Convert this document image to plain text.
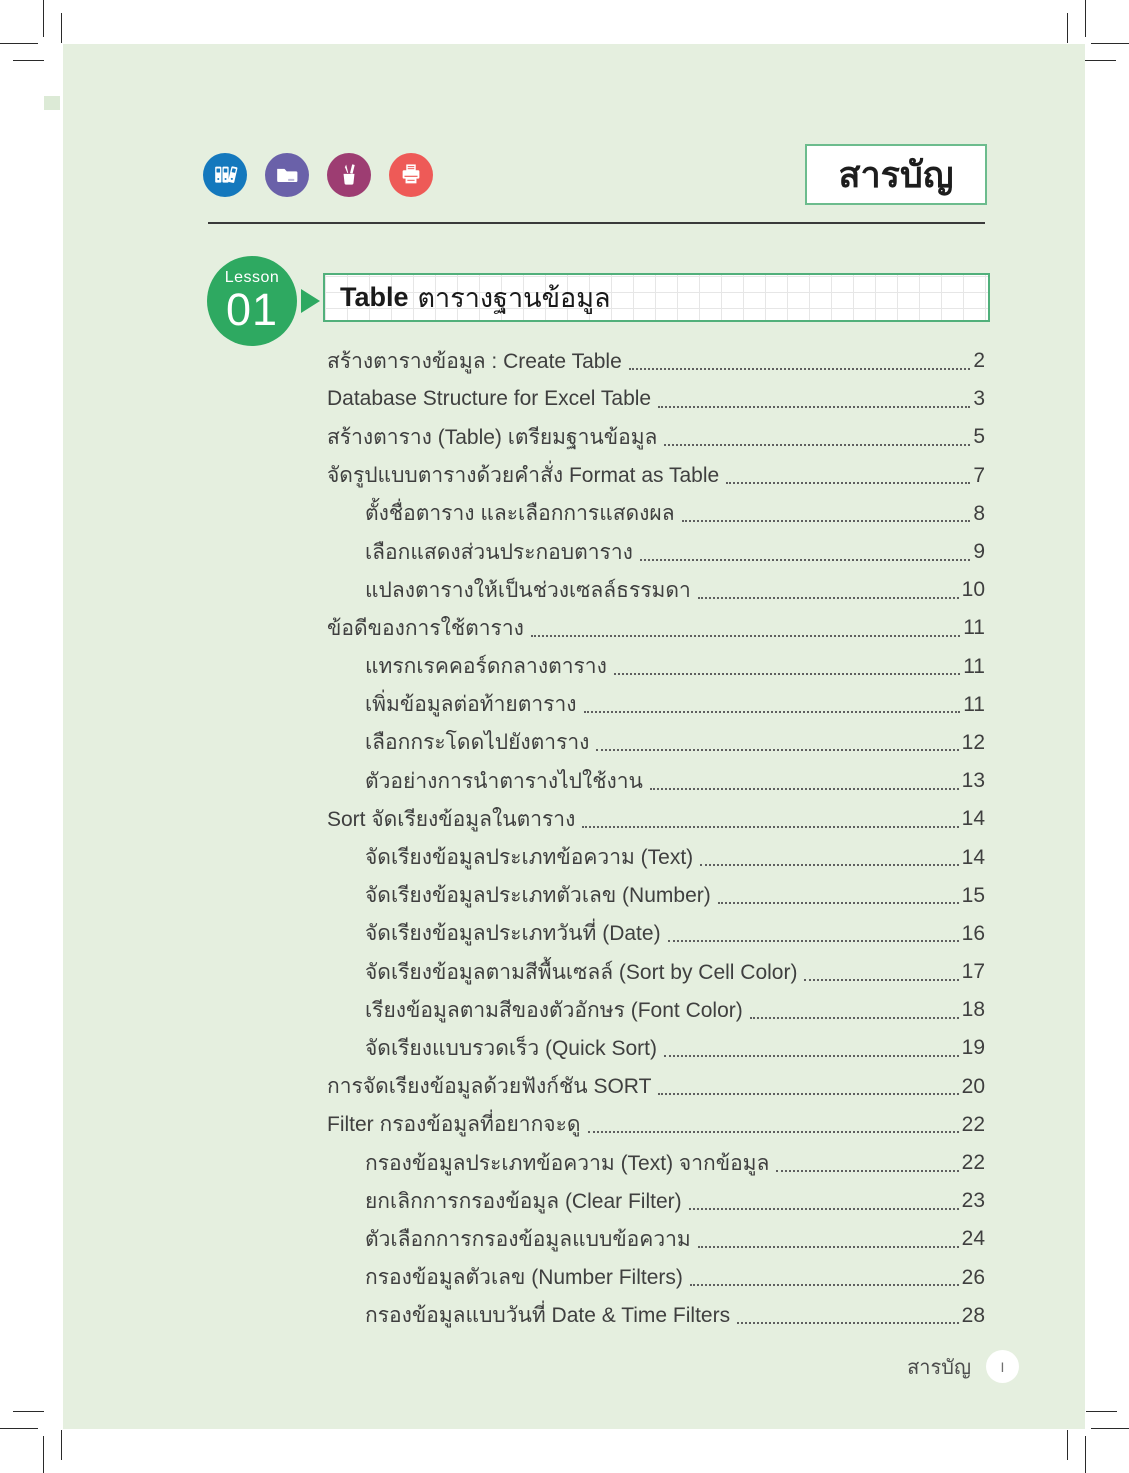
สารบัญ
Lesson
01	Table ตารางฐานข้อมูล
สร้างตารางข้อมูล : Create Table	2
Database Structure for Excel Table	3
สร้างตาราง (Table) เตรียมฐานข้อมูล	5
จัดรูปแบบตารางด้วยคำสั่ง Format as Table	7
ตั้งชื่อตาราง และเลือกการแสดงผล	8
เลือกแสดงส่วนประกอบตาราง	9
แปลงตารางให้เป็นช่วงเซลล์ธรรมดา	10
ข้อดีของการใช้ตาราง	11
แทรกเรคคอร์ดกลางตาราง	11
เพิ่มข้อมูลต่อท้ายตาราง	11
เลือกกระโดดไปยังตาราง	12
ตัวอย่างการนำตารางไปใช้งาน	13
Sort จัดเรียงข้อมูลในตาราง	14
จัดเรียงข้อมูลประเภทข้อความ (Text)	14
จัดเรียงข้อมูลประเภทตัวเลข (Number)	15
จัดเรียงข้อมูลประเภทวันที่ (Date)	16
จัดเรียงข้อมูลตามสีพื้นเซลล์ (Sort by Cell Color)	17
เรียงข้อมูลตามสีของตัวอักษร (Font Color)	18
จัดเรียงแบบรวดเร็ว (Quick Sort)	19
การจัดเรียงข้อมูลด้วยฟังก์ชัน SORT	20
Filter กรองข้อมูลที่อยากจะดู	22
กรองข้อมูลประเภทข้อความ (Text) จากข้อมูล	22
ยกเลิกการกรองข้อมูล (Clear Filter)	23
ตัวเลือกการกรองข้อมูลแบบข้อความ	24
กรองข้อมูลตัวเลข (Number Filters)	26
กรองข้อมูลแบบวันที่ Date & Time Filters	28
สารบัญ	I
